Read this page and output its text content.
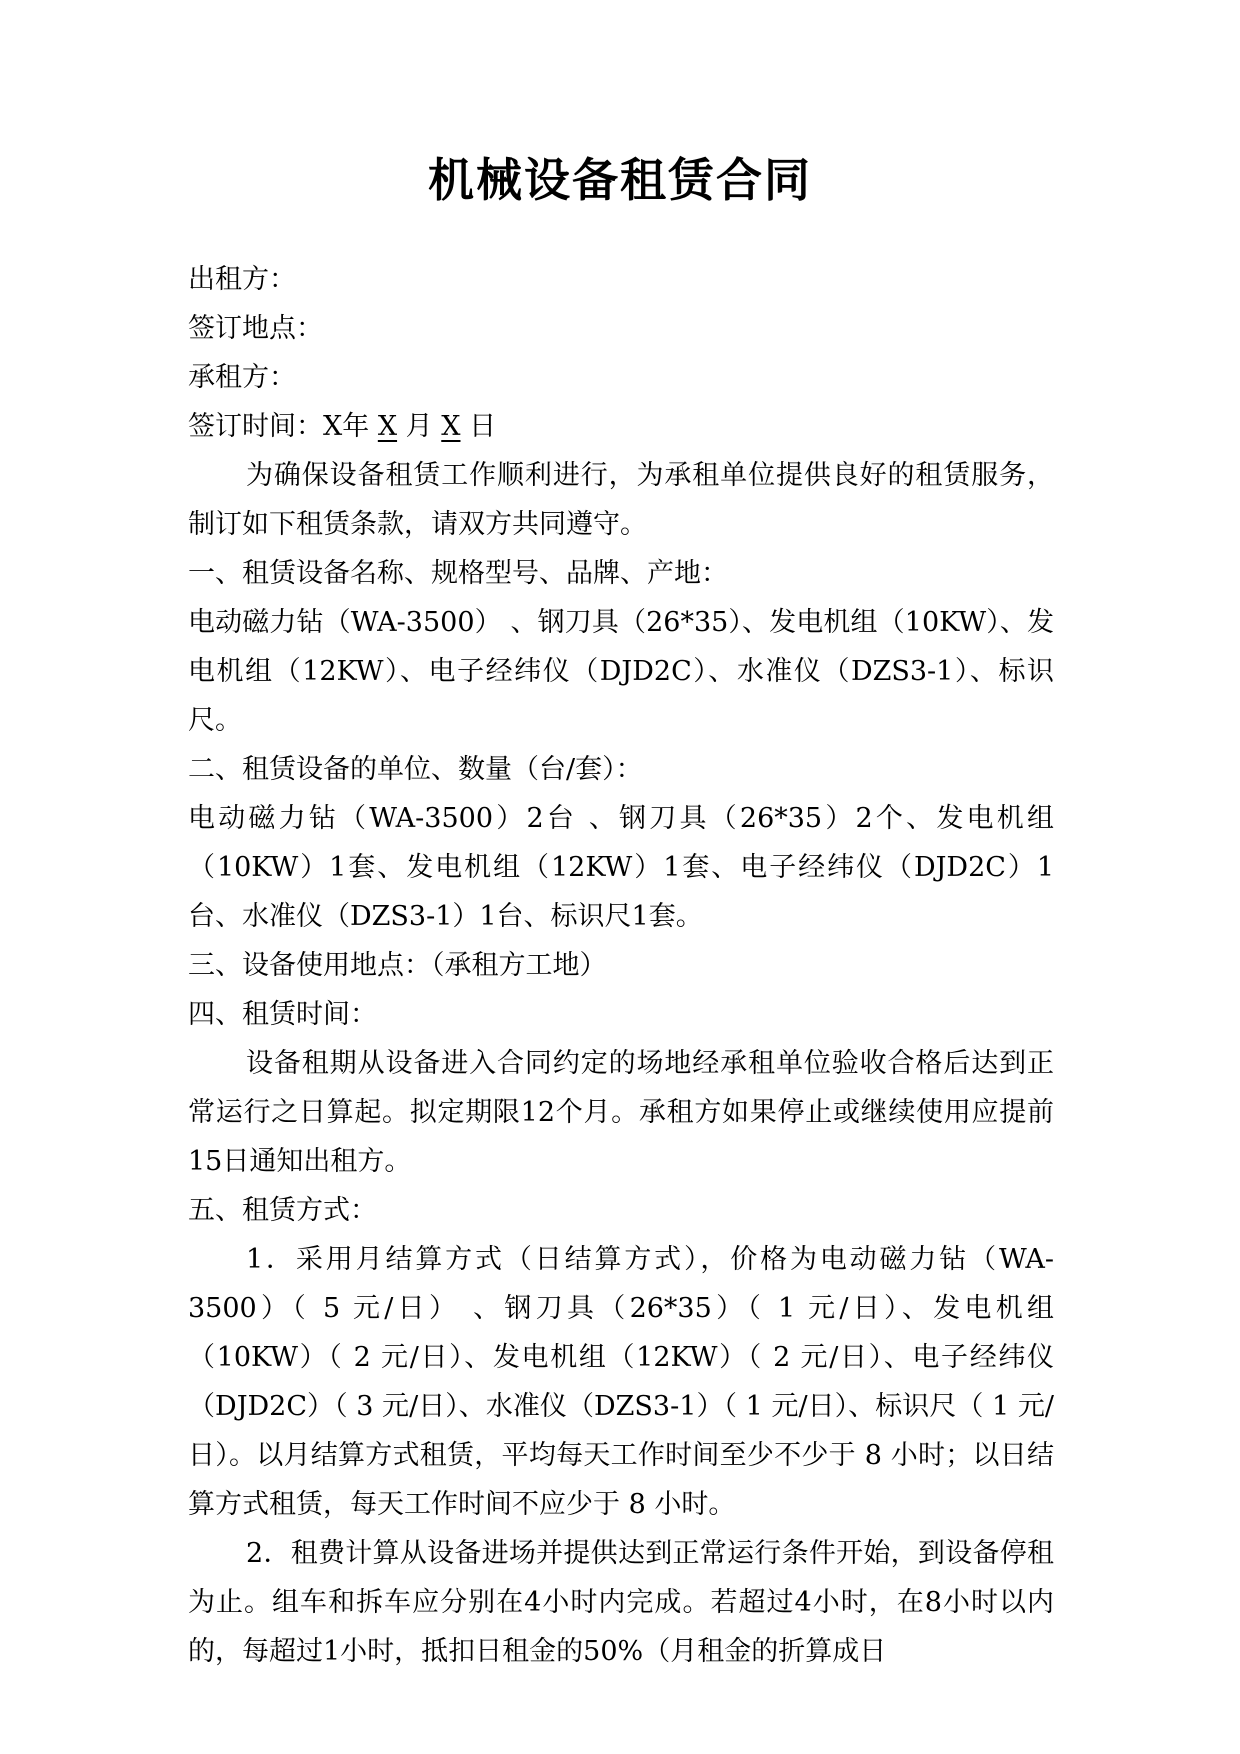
机械设备租赁合同

出租方：

签订地点：

承租方：

签订时间：X年 X 月 X 日

为确保设备租赁工作顺利进行，为承租单位提供良好的租赁服务，制订如下租赁条款，请双方共同遵守。

一、租赁设备名称、规格型号、品牌、产地：

电动磁力钻（WA-3500） 、钢刀具（26*35）、发电机组（10KW）、发电机组（12KW）、电子经纬仪（DJD2C）、水准仪（DZS3-1）、标识尺。

二、租赁设备的单位、数量（台/套）：

电动磁力钻（WA-3500）2台 、钢刀具（26*35）2个、发电机组（10KW）1套、发电机组（12KW）1套、电子经纬仪（DJD2C）1台、水准仪（DZS3-1）1台、标识尺1套。

三、设备使用地点：（承租方工地）

四、租赁时间：

设备租期从设备进入合同约定的场地经承租单位验收合格后达到正常运行之日算起。拟定期限12个月。承租方如果停止或继续使用应提前15日通知出租方。

五、租赁方式：

1．采用月结算方式（日结算方式），价格为电动磁力钻（WA-3500）（ 5 元/日） 、钢刀具（26*35）（ 1 元/日）、发电机组（10KW）（ 2 元/日）、发电机组（12KW）（ 2 元/日）、电子经纬仪（DJD2C）（ 3 元/日）、水准仪（DZS3-1）（ 1 元/日）、标识尺（ 1 元/日）。以月结算方式租赁，平均每天工作时间至少不少于 8 小时；以日结算方式租赁，每天工作时间不应少于 8 小时。

2．租费计算从设备进场并提供达到正常运行条件开始，到设备停租为止。组车和拆车应分别在4小时内完成。若超过4小时，在8小时以内的，每超过1小时，抵扣日租金的50%（月租金的折算成日
